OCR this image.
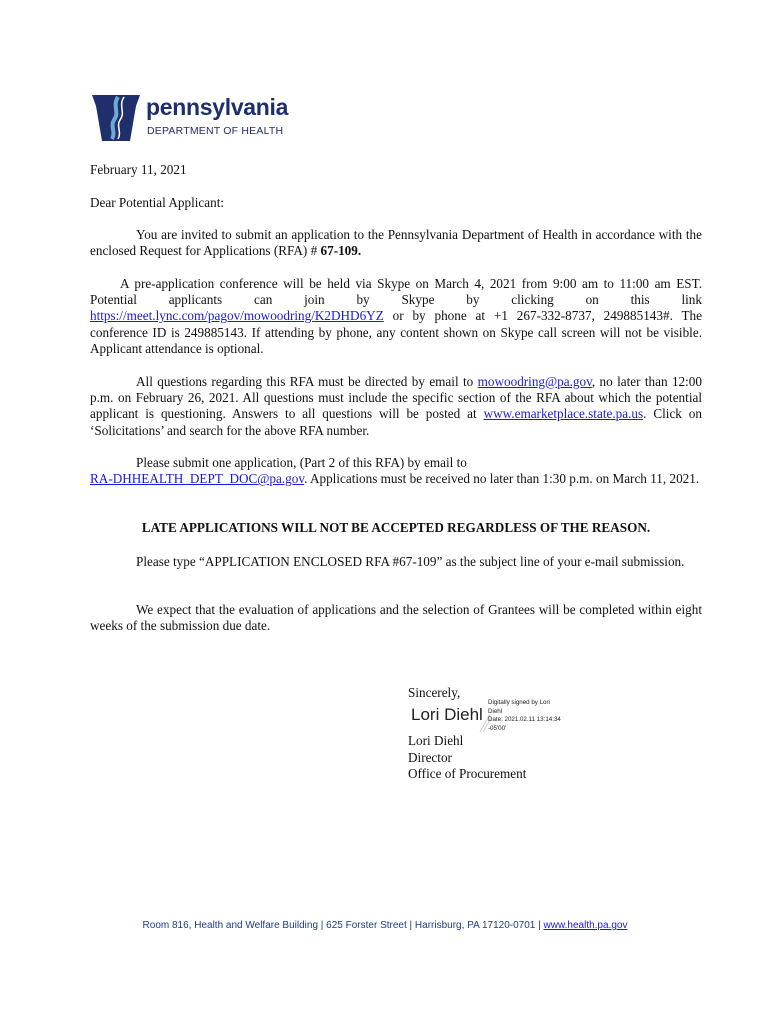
pennsylvania
DEPARTMENT OF HEALTH
February 11, 2021
Dear Potential Applicant:
You are invited to submit an application to the Pennsylvania Department of Health in accordance with the enclosed Request for Applications (RFA) # 67-109.
A pre-application conference will be held via Skype on March 4, 2021 from 9:00 am to 11:00 am EST. Potential applicants can join by Skype by clicking on this link
https://meet.lync.com/pagov/mowoodring/K2DHD6YZ or by phone at +1 267-332-8737, 249885143#. The conference ID is 249885143. If attending by phone, any content shown on Skype call screen will not be visible. Applicant attendance is optional.
All questions regarding this RFA must be directed by email to mowoodring@pa.gov, no later than 12:00 p.m. on February 26, 2021. All questions must include the specific section of the RFA about which the potential applicant is questioning. Answers to all questions will be posted at www.emarketplace.state.pa.us. Click on ‘Solicitations’ and search for the above RFA number.
Please submit one application, (Part 2 of this RFA) by email to
RA-DHHEALTH_DEPT_DOC@pa.gov. Applications must be received no later than 1:30 p.m. on March 11, 2021.
LATE APPLICATIONS WILL NOT BE ACCEPTED REGARDLESS OF THE REASON.
Please type “APPLICATION ENCLOSED RFA #67-109” as the subject line of your e-mail submission.
We expect that the evaluation of applications and the selection of Grantees will be completed within eight weeks of the submission due date.
Sincerely,
Lori Diehl
Digitally signed by Lori
Diehl
Date: 2021.02.11 13:14:34
-05'00'
Lori Diehl
Director
Office of Procurement
Room 816, Health and Welfare Building | 625 Forster Street | Harrisburg, PA 17120-0701 | www.health.pa.gov
